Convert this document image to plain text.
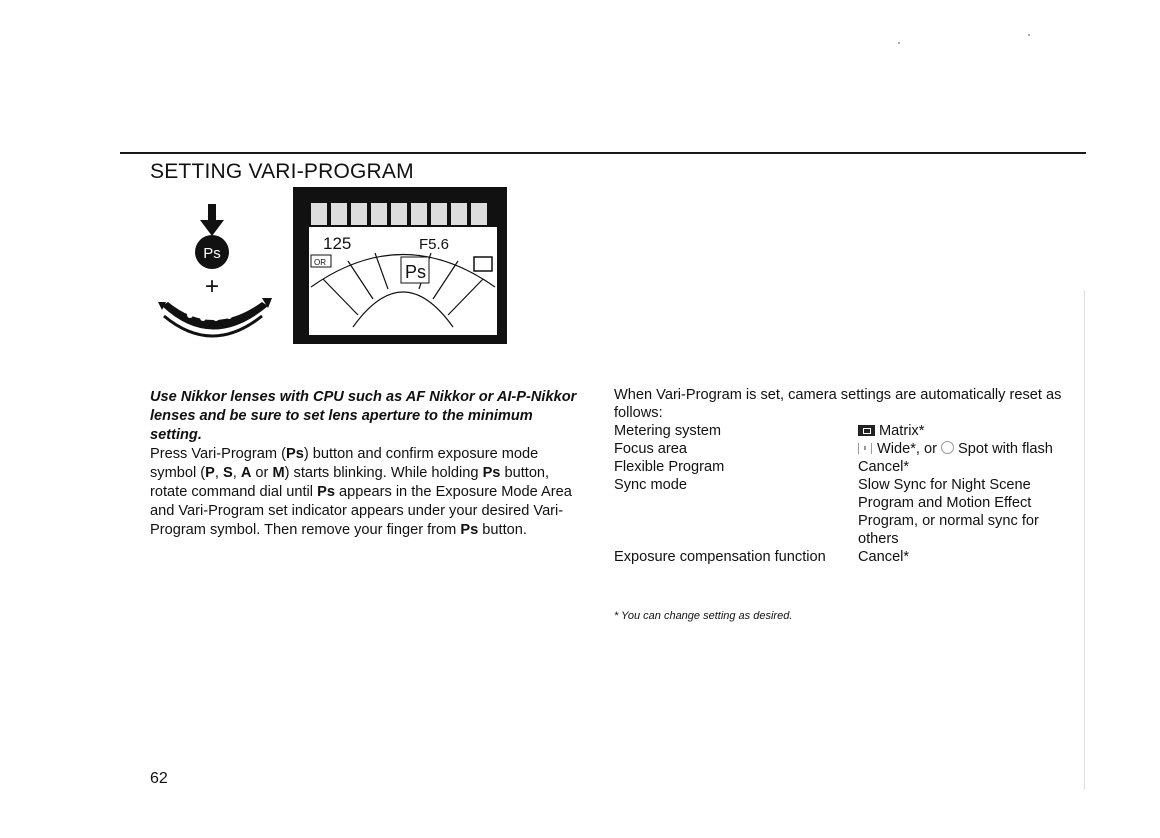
SETTING VARI-PROGRAM
Ps
+
125	F5.6
OR	Ps
Use Nikkor lenses with CPU such as AF Nikkor or AI-P-Nikkor lenses and be sure to set lens aperture to the minimum setting.
Press Vari-Program (Ps) button and confirm exposure mode symbol (P, S, A or M) starts blinking. While holding Ps button, rotate command dial until Ps appears in the Exposure Mode Area and Vari-Program set indicator appears under your desired Vari-Program symbol. Then remove your finger from Ps button.
When Vari-Program is set, camera settings are automatically reset as follows:
Metering system	Matrix*
Focus area	Wide*, or Spot with flash
Flexible Program	Cancel*
Sync mode	Slow Sync for Night Scene Program and Motion Effect Program, or normal sync for others
Exposure compensation function	Cancel*
* You can change setting as desired.
62
